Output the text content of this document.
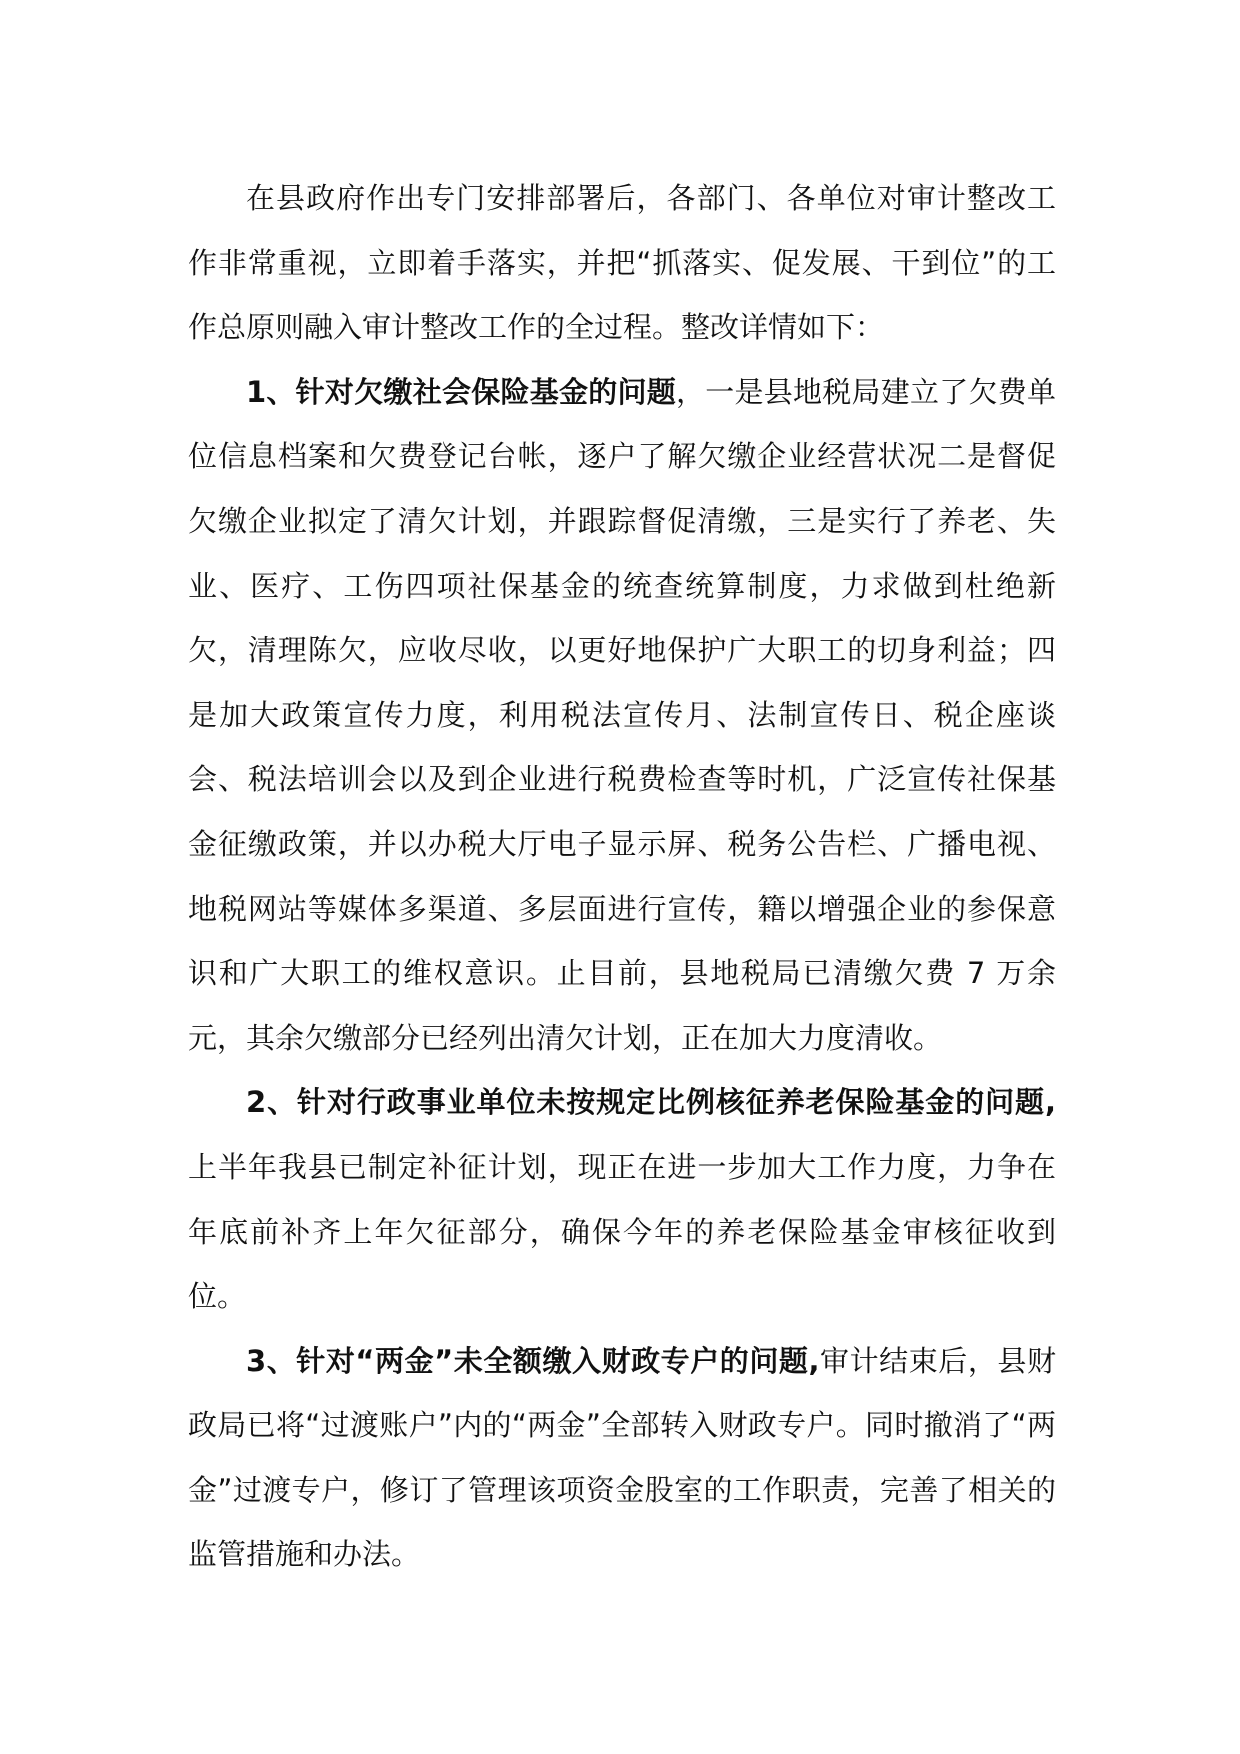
在县政府作出专门安排部署后，各部门、各单位对审计整改工作非常重视，立即着手落实，并把“抓落实、促发展、干到位”的工作总原则融入审计整改工作的全过程。整改详情如下：

1、针对欠缴社会保险基金的问题，一是县地税局建立了欠费单位信息档案和欠费登记台帐，逐户了解欠缴企业经营状况二是督促欠缴企业拟定了清欠计划，并跟踪督促清缴，三是实行了养老、失业、医疗、工伤四项社保基金的统查统算制度，力求做到杜绝新欠，清理陈欠，应收尽收，以更好地保护广大职工的切身利益；四是加大政策宣传力度，利用税法宣传月、法制宣传日、税企座谈会、税法培训会以及到企业进行税费检查等时机，广泛宣传社保基金征缴政策，并以办税大厅电子显示屏、税务公告栏、广播电视、地税网站等媒体多渠道、多层面进行宣传，籍以增强企业的参保意识和广大职工的维权意识。止目前，县地税局已清缴欠费 7 万余元，其余欠缴部分已经列出清欠计划，正在加大力度清收。

2、针对行政事业单位未按规定比例核征养老保险基金的问题,上半年我县已制定补征计划，现正在进一步加大工作力度，力争在年底前补齐上年欠征部分，确保今年的养老保险基金审核征收到位。

3、针对“两金”未全额缴入财政专户的问题,审计结束后，县财政局已将“过渡账户”内的“两金”全部转入财政专户。同时撤消了“两金”过渡专户，修订了管理该项资金股室的工作职责，完善了相关的监管措施和办法。
